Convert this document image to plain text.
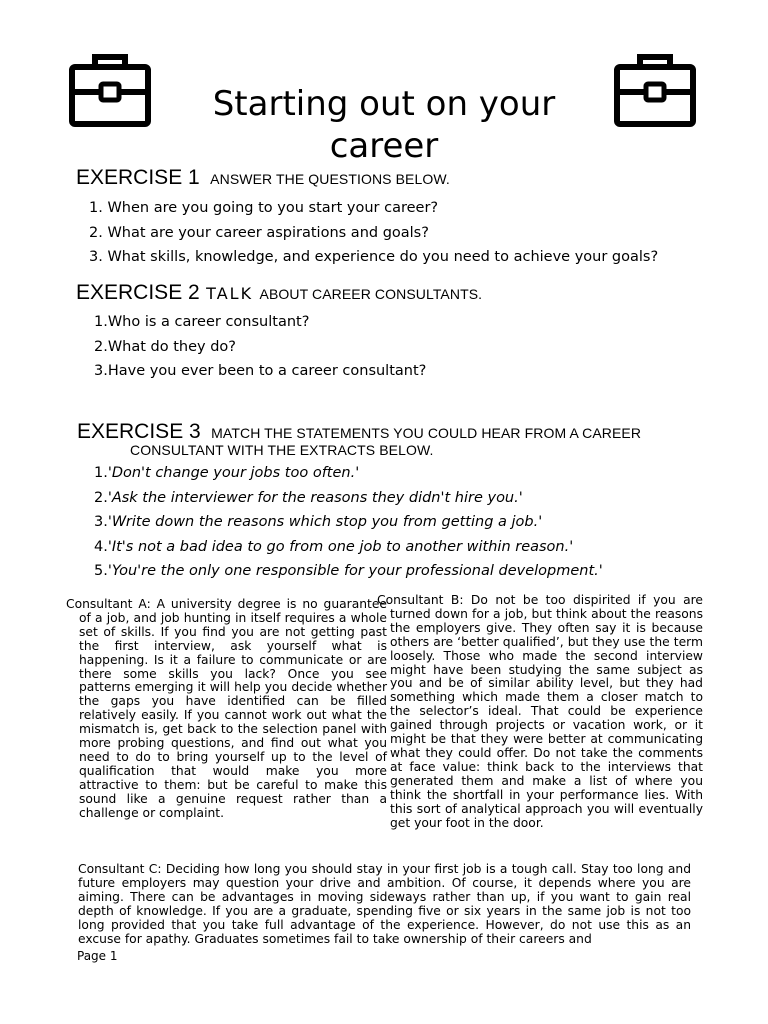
Starting out on your career
EXERCISE 1 ANSWER THE QUESTIONS BELOW.
1. When are you going to you start your career?
2. What are your career aspirations and goals?
3. What skills, knowledge, and experience do you need to achieve your goals?
EXERCISE 2 TALK ABOUT CAREER CONSULTANTS.
1.Who is a career consultant?
2.What do they do?
3.Have you ever been to a career consultant?
EXERCISE 3 MATCH THE STATEMENTS YOU COULD HEAR FROM A CAREER
CONSULTANT WITH THE EXTRACTS BELOW.
1.'Don't change your jobs too often.'
2.'Ask the interviewer for the reasons they didn't hire you.'
3.'Write down the reasons which stop you from getting a job.'
4.'It's not a bad idea to go from one job to another within reason.'
5.'You're the only one responsible for your professional development.'

Consultant A: A university degree is no guarantee of a job, and job hunting in itself requires a whole set of skills. If you find you are not getting past the first interview, ask yourself what is happening. Is it a failure to communicate or are there some skills you lack? Once you see patterns emerging it will help you decide whether the gaps you have identified can be filled relatively easily. If you cannot work out what the mismatch is, get back to the selection panel with more probing questions, and find out what you need to do to bring yourself up to the level of qualification that would make you more attractive to them: but be careful to make this sound like a genuine request rather than a challenge or complaint.

Consultant B: Do not be too dispirited if you are turned down for a job, but think about the reasons the employers give. They often say it is because others are ‘better qualified’, but they use the term loosely. Those who made the second interview might have been studying the same subject as you and be of similar ability level, but they had something which made them a closer match to the selector’s ideal. That could be experience gained through projects or vacation work, or it might be that they were better at communicating what they could offer. Do not take the comments at face value: think back to the interviews that generated them and make a list of where you think the shortfall in your performance lies. With this sort of analytical approach you will eventually get your foot in the door.

Consultant C: Deciding how long you should stay in your first job is a tough call. Stay too long and future employers may question your drive and ambition. Of course, it depends where you are aiming. There can be advantages in moving sideways rather than up, if you want to gain real depth of knowledge. If you are a graduate, spending five or six years in the same job is not too long provided that you take full advantage of the experience. However, do not use this as an excuse for apathy. Graduates sometimes fail to take ownership of their careers and

Page 1
